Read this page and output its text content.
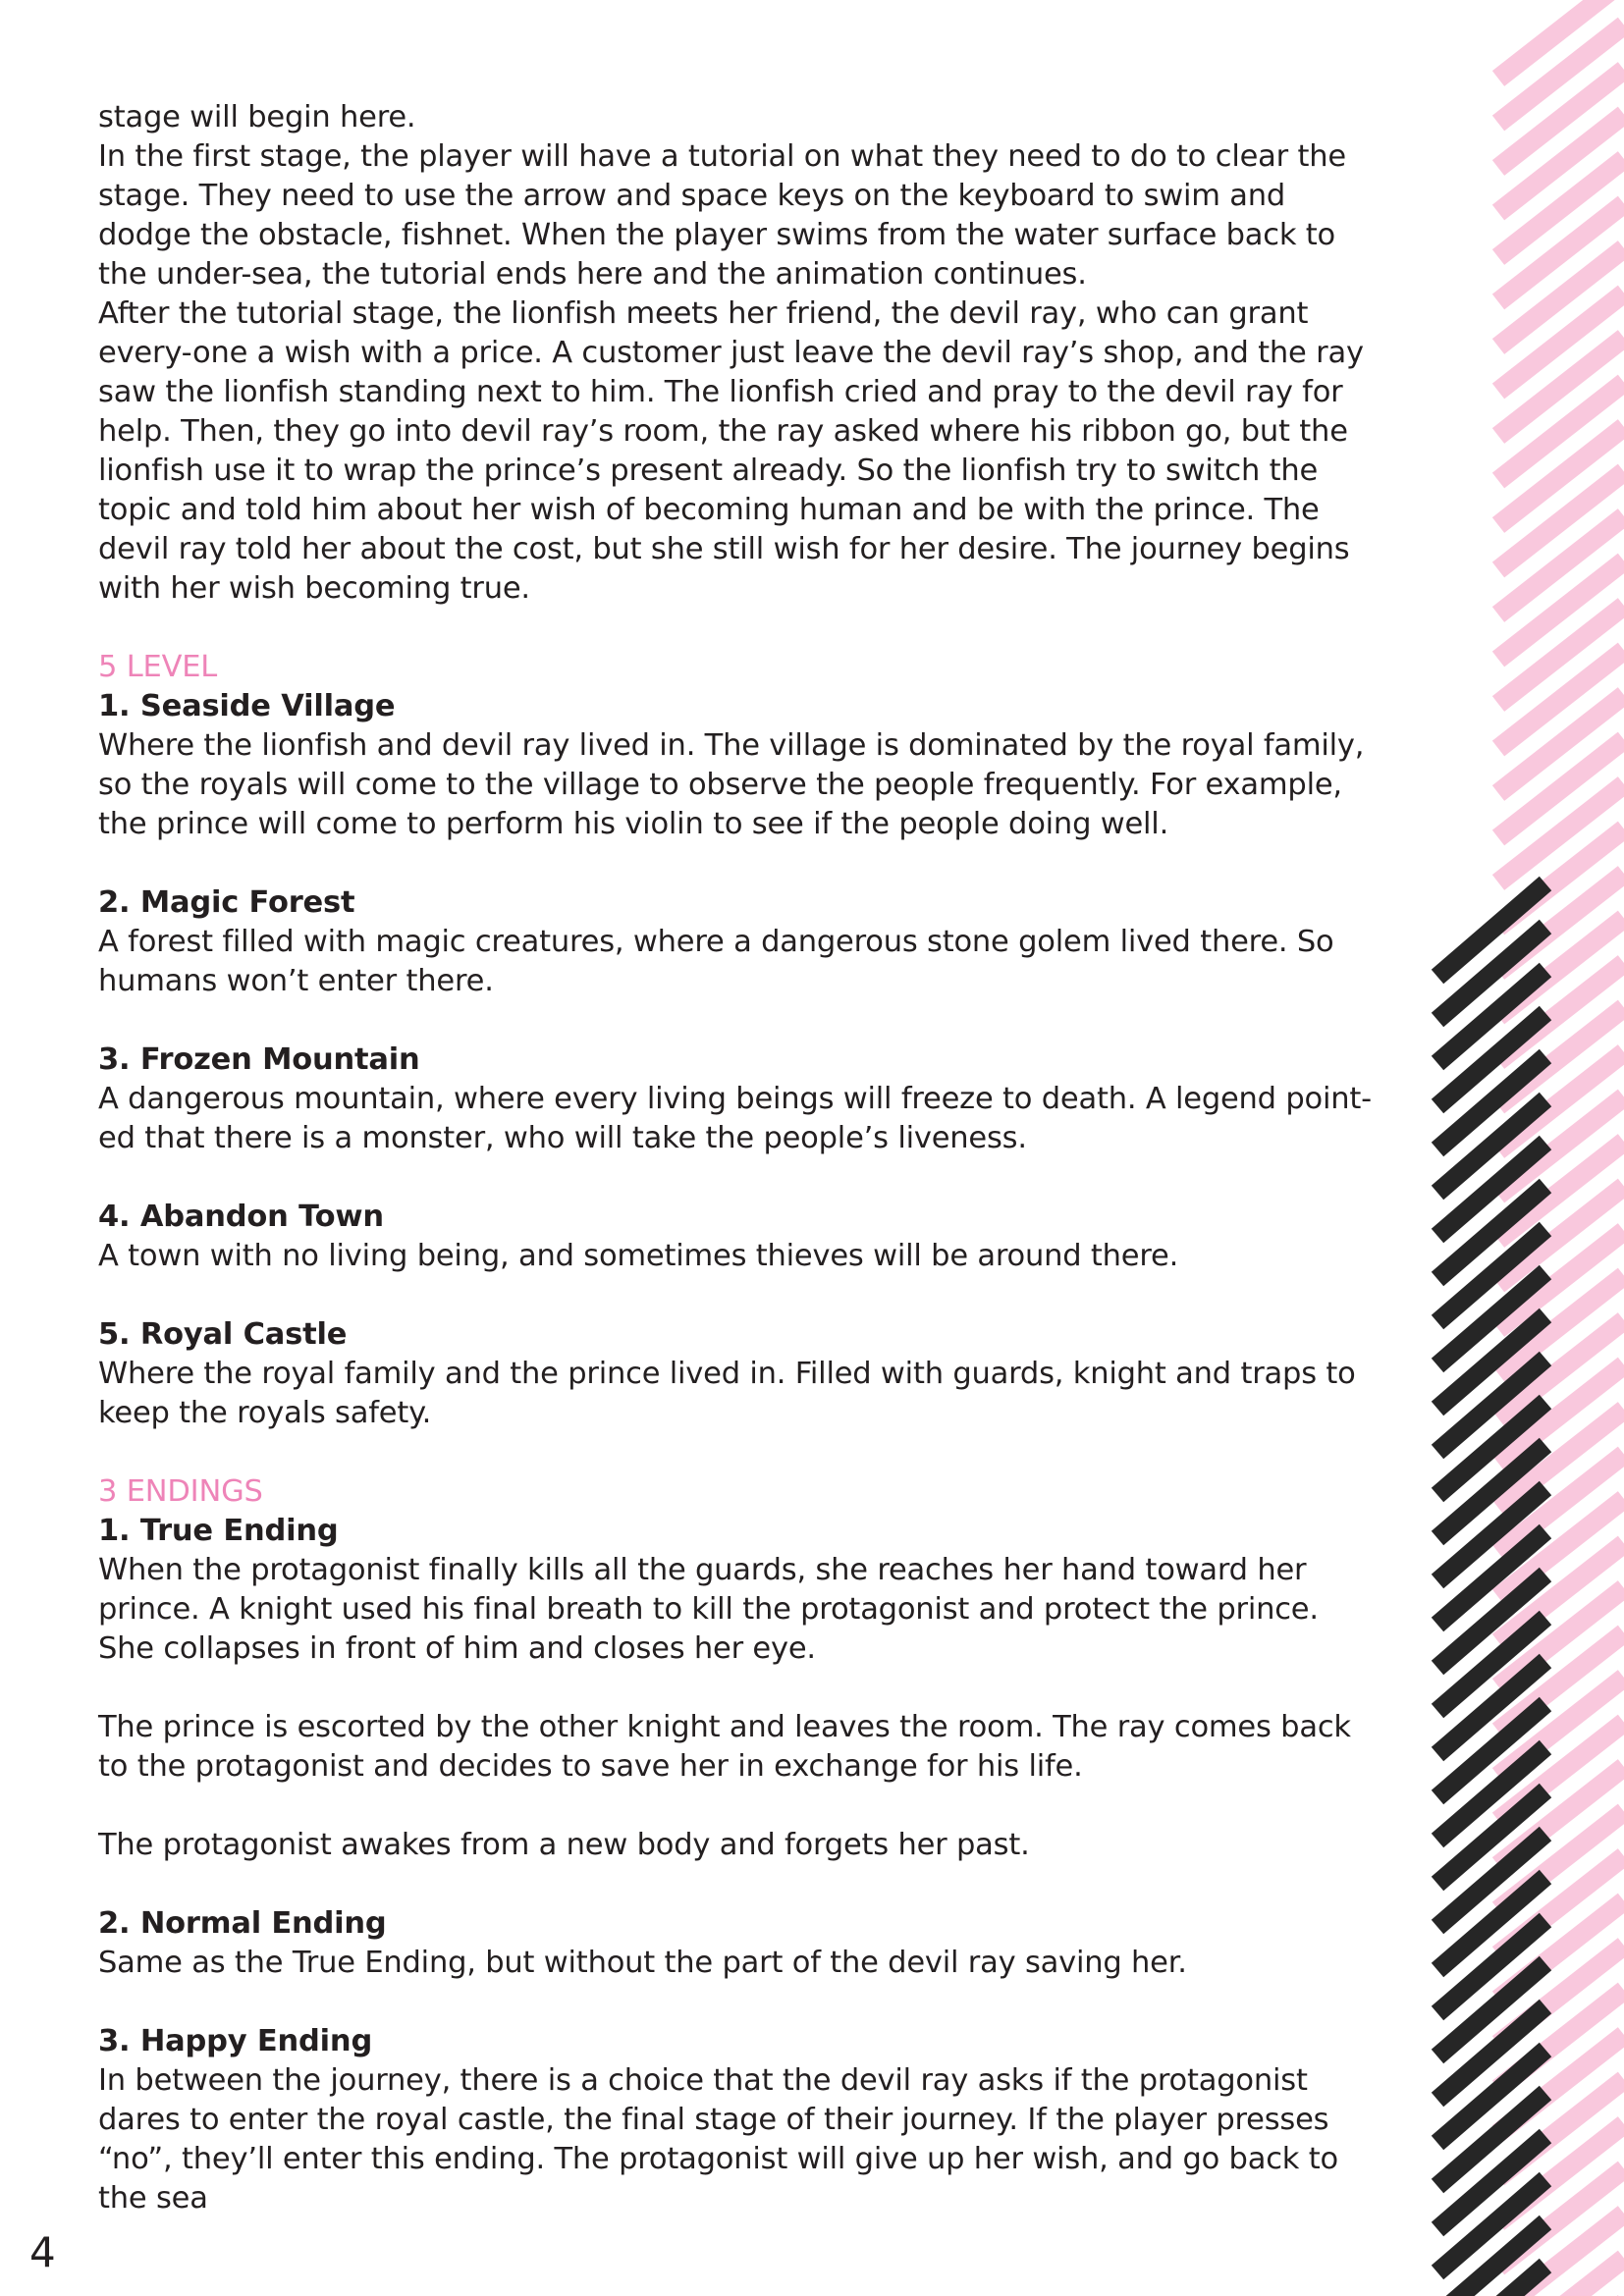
stage will begin here.

In the first stage, the player will have a tutorial on what they need to do to clear the stage. They need to use the arrow and space keys on the keyboard to swim and dodge the obstacle, fishnet. When the player swims from the water surface back to the under-sea, the tutorial ends here and the animation continues.

After the tutorial stage, the lionfish meets her friend, the devil ray, who can grant every-one a wish with a price. A customer just leave the devil ray’s shop, and the ray saw the lionfish standing next to him. The lionfish cried and pray to the devil ray for help. Then, they go into devil ray’s room, the ray asked where his ribbon go, but the lionfish use it to wrap the prince’s present already. So the lionfish try to switch the topic and told him about her wish of becoming human and be with the prince. The devil ray told her about the cost, but she still wish for her desire. The journey begins with her wish becoming true.

5 LEVEL

1. Seaside Village

Where the lionfish and devil ray lived in. The village is dominated by the royal family, so the royals will come to the village to observe the people frequently. For example, the prince will come to perform his violin to see if the people doing well.

2. Magic Forest

A forest filled with magic creatures, where a dangerous stone golem lived there. So humans won’t enter there.

3. Frozen Mountain

A dangerous mountain, where every living beings will freeze to death. A legend point-ed that there is a monster, who will take the people’s liveness.

4. Abandon Town

A town with no living being, and sometimes thieves will be around there.

5. Royal Castle

Where the royal family and the prince lived in. Filled with guards, knight and traps to keep the royals safety.

3 ENDINGS

1. True Ending

When the protagonist finally kills all the guards, she reaches her hand toward her prince. A knight used his final breath to kill the protagonist and protect the prince. She collapses in front of him and closes her eye.

The prince is escorted by the other knight and leaves the room. The ray comes back to the protagonist and decides to save her in exchange for his life.

The protagonist awakes from a new body and forgets her past.

2. Normal Ending

Same as the True Ending, but without the part of the devil ray saving her.

3. Happy Ending

In between the journey, there is a choice that the devil ray asks if the protagonist dares to enter the royal castle, the final stage of their journey. If the player presses “no”, they’ll enter this ending. The protagonist will give up her wish, and go back to the sea

4
